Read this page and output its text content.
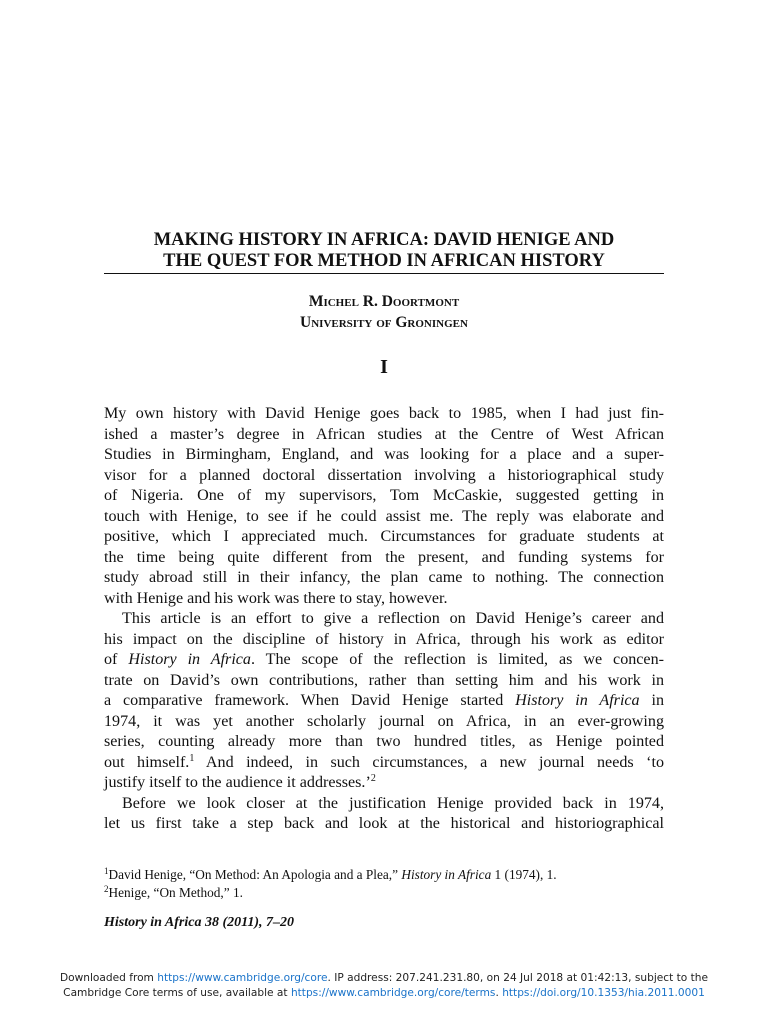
MAKING HISTORY IN AFRICA: DAVID HENIGE AND
THE QUEST FOR METHOD IN AFRICAN HISTORY
Michel R. Doortmont
University of Groningen
I

My own history with David Henige goes back to 1985, when I had just fin-
ished a master’s degree in African studies at the Centre of West African
Studies in Birmingham, England, and was looking for a place and a super-
visor for a planned doctoral dissertation involving a historiographical study
of Nigeria. One of my supervisors, Tom McCaskie, suggested getting in
touch with Henige, to see if he could assist me. The reply was elaborate and
positive, which I appreciated much. Circumstances for graduate students at
the time being quite different from the present, and funding systems for
study abroad still in their infancy, the plan came to nothing. The connection
with Henige and his work was there to stay, however.

This article is an effort to give a reflection on David Henige’s career and
his impact on the discipline of history in Africa, through his work as editor
of History in Africa. The scope of the reflection is limited, as we concen-
trate on David’s own contributions, rather than setting him and his work in
a comparative framework. When David Henige started History in Africa in
1974, it was yet another scholarly journal on Africa, in an ever-growing
series, counting already more than two hundred titles, as Henige pointed
out himself.$^1$ And indeed, in such circumstances, a new journal needs ‘to
justify itself to the audience it addresses.’$^2$

Before we look closer at the justification Henige provided back in 1974,
let us first take a step back and look at the historical and historiographical

$^1$David Henige, “On Method: An Apologia and a Plea,” History in Africa 1 (1974), 1.
$^2$Henige, “On Method,” 1.
History in Africa 38 (2011), 7–20
Downloaded from https://www.cambridge.org/core. IP address: 207.241.231.80, on 24 Jul 2018 at 01:42:13, subject to the
Cambridge Core terms of use, available at https://www.cambridge.org/core/terms. https://doi.org/10.1353/hia.2011.0001
